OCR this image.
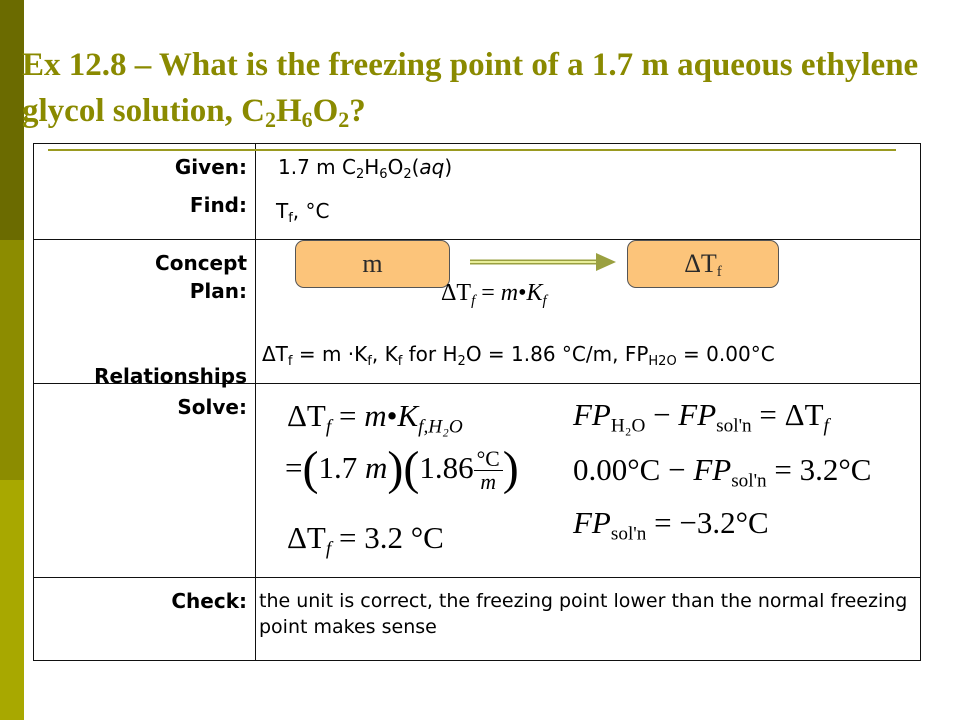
Ex 12.8 – What is the freezing point of a 1.7 m aqueous ethylene glycol solution, $C_2H_6O_2$?
Given:
Find:
Concept
Plan:
Relationships
Solve:
Check:
1.7 m $C_2H_6O_2(aq)$
$T_f$, °C
m	$\Delta T_f$
$\Delta T_f$ = $m•K_f$
$\Delta T_f = m \cdot K_f$, $K_f$ for $H_2O = 1.86$ °C/m, $FP_{H2O} = 0.00^\circ C$
$\Delta T_f$ = $m•K_{f,H_2O}$
=(1.7 $m)(1.86 \frac{^\circ C}{m}$ )
$\Delta T_f = 3.2$ °C
$FP_{H_2O} - FP_{sol'n} = \Delta T_f$
$0.00^\circ C - FP_{sol'n} = 3.2^\circ C$
$FP_{sol'n} = -3.2^\circ C$
the unit is correct, the freezing point lower than the normal freezing point makes sense
